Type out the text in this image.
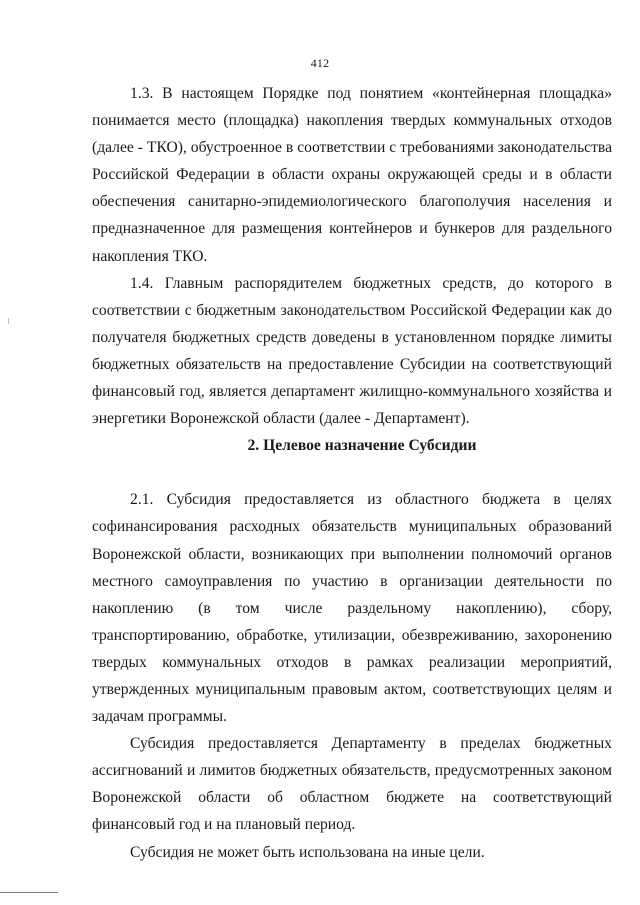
412

1.3. В настоящем Порядке под понятием «контейнерная площадка» понимается место (площадка) накопления твердых коммунальных отходов (далее - ТКО), обустроенное в соответствии с требованиями законодательства Российской Федерации в области охраны окружающей среды и в области обеспечения санитарно-эпидемиологического благополучия населения и предназначенное для размещения контейнеров и бункеров для раздельного накопления ТКО.

1.4. Главным распорядителем бюджетных средств, до которого в соответствии с бюджетным законодательством Российской Федерации как до получателя бюджетных средств доведены в установленном порядке лимиты бюджетных обязательств на предоставление Субсидии на соответствующий финансовый год, является департамент жилищно-коммунального хозяйства и энергетики Воронежской области (далее - Департамент).

2. Целевое назначение Субсидии

2.1. Субсидия предоставляется из областного бюджета в целях софинансирования расходных обязательств муниципальных образований Воронежской области, возникающих при выполнении полномочий органов местного самоуправления по участию в организации деятельности по накоплению (в том числе раздельному накоплению), сбору, транспортированию, обработке, утилизации, обезвреживанию, захоронению твердых коммунальных отходов в рамках реализации мероприятий, утвержденных муниципальным правовым актом, соответствующих целям и задачам программы.

Субсидия предоставляется Департаменту в пределах бюджетных ассигнований и лимитов бюджетных обязательств, предусмотренных законом Воронежской области об областном бюджете на соответствующий финансовый год и на плановый период.

Субсидия не может быть использована на иные цели.
